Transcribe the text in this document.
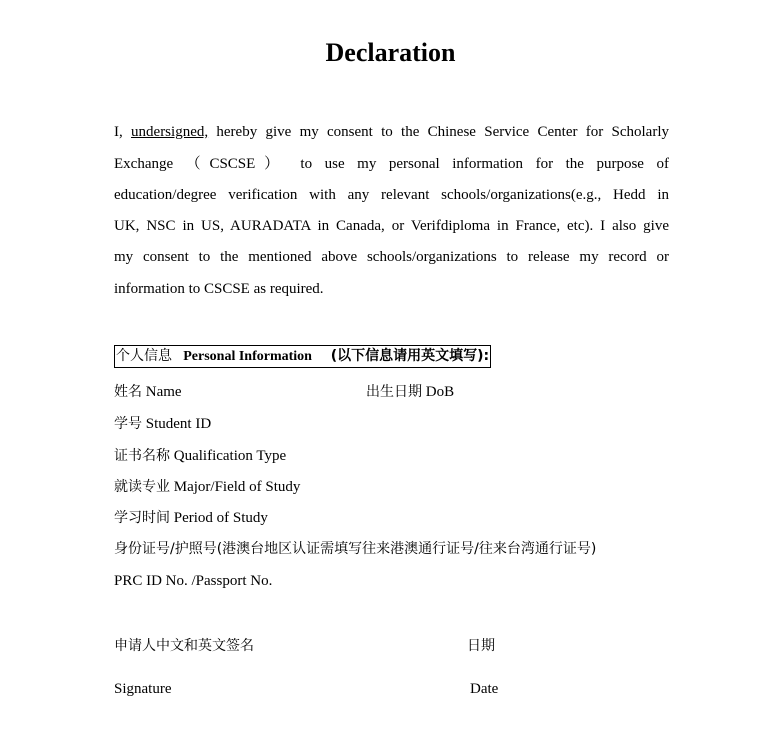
Declaration
I, undersigned, hereby give my consent to the Chinese Service Center for Scholarly
Exchange （CSCSE） to use my personal information for the purpose of
education/degree verification with any relevant schools/organizations(e.g., Hedd in
UK, NSC in US, AURADATA in Canada, or Verifdiploma in France, etc). I also give
my consent to the mentioned above schools/organizations to release my record or
information to CSCSE as required.
个人信息 Personal Information (以下信息请用英文填写):
姓名 Name	出生日期 DoB
学号 Student ID
证书名称 Qualification Type
就读专业 Major/Field of Study
学习时间 Period of Study
身份证号/护照号(港澳台地区认证需填写往来港澳通行证号/往来台湾通行证号)
PRC ID No. /Passport No.
申请人中文和英文签名	日期
Signature	Date
